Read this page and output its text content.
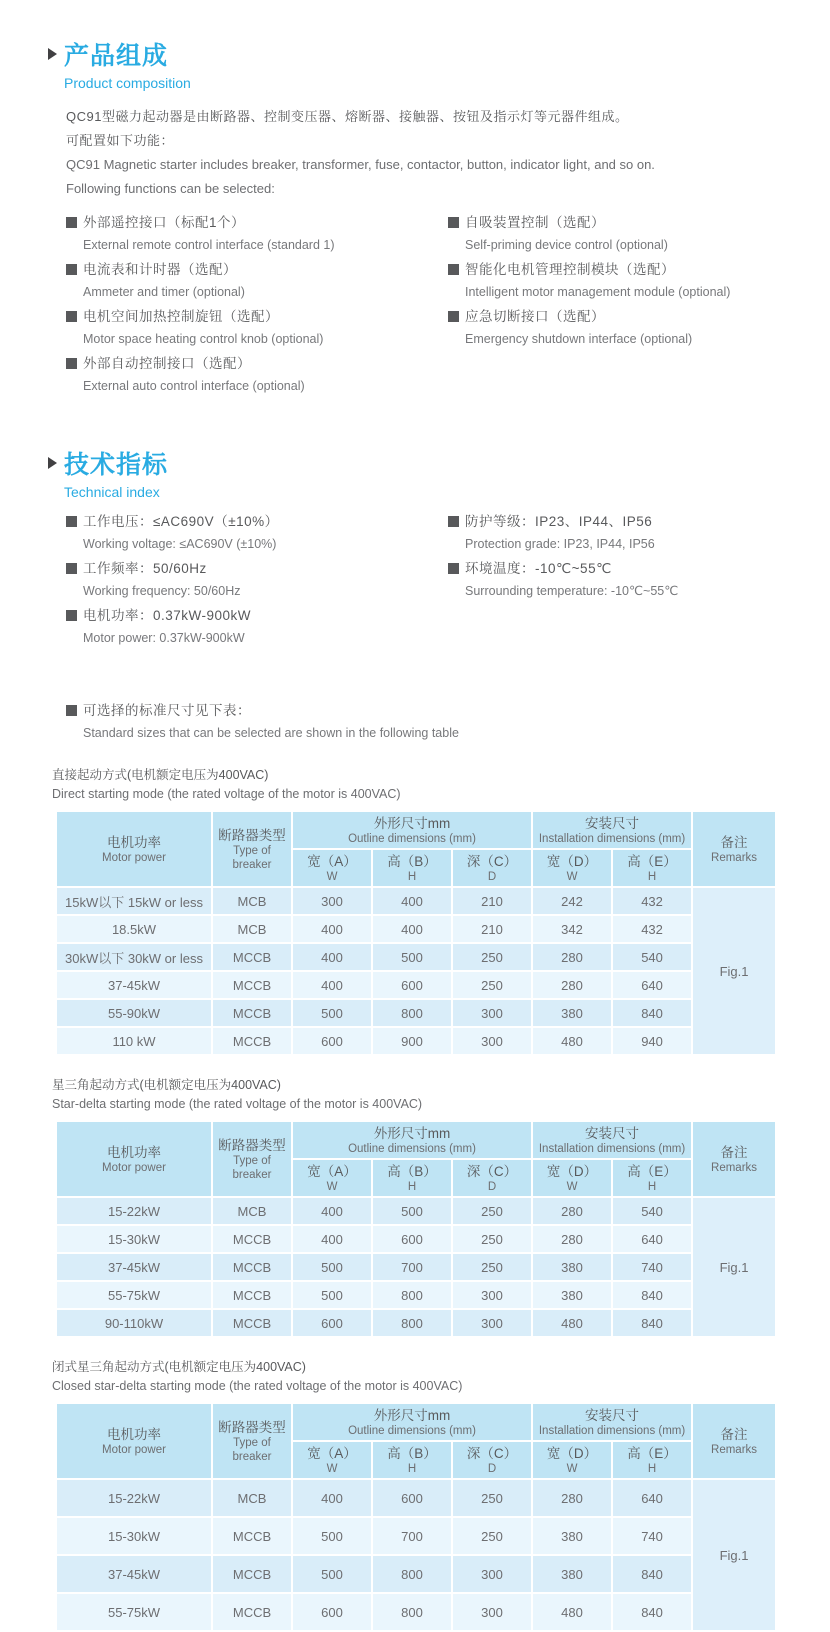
产品组成
Product composition
QC91型磁力起动器是由断路器、控制变压器、熔断器、接触器、按钮及指示灯等元器件组成。
可配置如下功能：
QC91 Magnetic starter includes breaker, transformer, fuse, contactor, button, indicator light, and so on.
Following functions can be selected:
外部遥控接口（标配1个）
External remote control interface (standard 1)
电流表和计时器（选配）
Ammeter and timer (optional)
电机空间加热控制旋钮（选配）
Motor space heating control knob (optional)
外部自动控制接口（选配）
External auto control interface (optional)
自吸装置控制（选配）
Self-priming device control (optional)
智能化电机管理控制模块（选配）
Intelligent motor management module (optional)
应急切断接口（选配）
Emergency shutdown interface (optional)
技术指标
Technical index
工作电压：≤AC690V（±10%）
Working voltage: ≤AC690V (±10%)
工作频率：50/60Hz
Working frequency: 50/60Hz
电机功率：0.37kW-900kW
Motor power: 0.37kW-900kW
防护等级：IP23、IP44、IP56
Protection grade: IP23, IP44, IP56
环境温度：-10℃~55℃
Surrounding temperature: -10℃~55℃
可选择的标准尺寸见下表：
Standard sizes that can be selected are shown in the following table
直接起动方式(电机额定电压为400VAC)
Direct starting mode (the rated voltage of the motor is 400VAC)
电机功率
Motor power

断路器类型
Type of breaker

外形尺寸mm
Outline dimensions (mm)

安装尺寸
Installation dimensions (mm)	备注
Remarks

宽（A）
W

高（B）
H

深（C）
D

宽（D）
W

高（E）
H

15kW以下 15kW or less	MCB	300	400	210	242	432	Fig.1
18.5kW	MCB	400	400	210	342	432	
30kW以下 30kW or less	MCCB	400	500	250	280	540	
37-45kW	MCCB	400	600	250	280	640	
55-90kW	MCCB	500	800	300	380	840	
110 kW	MCCB	600	900	300	480	940	
星三角起动方式(电机额定电压为400VAC)
Star-delta starting mode (the rated voltage of the motor is 400VAC)
电机功率
Motor power

断路器类型
Type of breaker

外形尺寸mm
Outline dimensions (mm)

安装尺寸
Installation dimensions (mm)	备注
Remarks

宽（A）
W

高（B）
H

深（C）
D

宽（D）
W

高（E）
H

15-22kW	MCB	400	500	250	280	540	Fig.1
15-30kW	MCCB	400	600	250	280	640	
37-45kW	MCCB	500	700	250	380	740	
55-75kW	MCCB	500	800	300	380	840	
90-110kW	MCCB	600	800	300	480	840	
闭式星三角起动方式(电机额定电压为400VAC)
Closed star-delta starting mode (the rated voltage of the motor is 400VAC)
电机功率
Motor power

断路器类型
Type of breaker

外形尺寸mm
Outline dimensions (mm)

安装尺寸
Installation dimensions (mm)	备注
Remarks

宽（A）
W

高（B）
H

深（C）
D

宽（D）
W

高（E）
H

15-22kW	MCB	400	600	250	280	640	Fig.1
15-30kW	MCCB	500	700	250	380	740	
37-45kW	MCCB	500	800	300	380	840	
55-75kW	MCCB	600	800	300	480	840	
